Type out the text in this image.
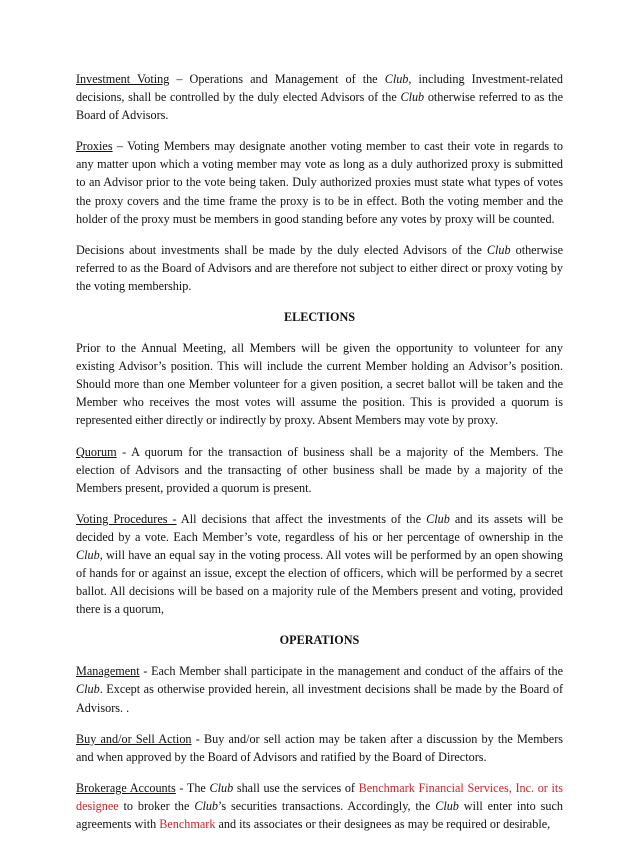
Investment Voting – Operations and Management of the Club, including Investment-related decisions, shall be controlled by the duly elected Advisors of the Club otherwise referred to as the Board of Advisors.

Proxies – Voting Members may designate another voting member to cast their vote in regards to any matter upon which a voting member may vote as long as a duly authorized proxy is submitted to an Advisor prior to the vote being taken. Duly authorized proxies must state what types of votes the proxy covers and the time frame the proxy is to be in effect. Both the voting member and the holder of the proxy must be members in good standing before any votes by proxy will be counted.

Decisions about investments shall be made by the duly elected Advisors of the Club otherwise referred to as the Board of Advisors and are therefore not subject to either direct or proxy voting by the voting membership.

ELECTIONS

Prior to the Annual Meeting, all Members will be given the opportunity to volunteer for any existing Advisor’s position. This will include the current Member holding an Advisor’s position. Should more than one Member volunteer for a given position, a secret ballot will be taken and the Member who receives the most votes will assume the position. This is provided a quorum is represented either directly or indirectly by proxy. Absent Members may vote by proxy.

Quorum - A quorum for the transaction of business shall be a majority of the Members. The election of Advisors and the transacting of other business shall be made by a majority of the Members present, provided a quorum is present.

Voting Procedures - All decisions that affect the investments of the Club and its assets will be decided by a vote. Each Member’s vote, regardless of his or her percentage of ownership in the Club, will have an equal say in the voting process. All votes will be performed by an open showing of hands for or against an issue, except the election of officers, which will be performed by a secret ballot. All decisions will be based on a majority rule of the Members present and voting, provided there is a quorum,

OPERATIONS

Management - Each Member shall participate in the management and conduct of the affairs of the Club. Except as otherwise provided herein, all investment decisions shall be made by the Board of Advisors. .

Buy and/or Sell Action - Buy and/or sell action may be taken after a discussion by the Members and when approved by the Board of Advisors and ratified by the Board of Directors.

Brokerage Accounts - The Club shall use the services of Benchmark Financial Services, Inc. or its designee to broker the Club’s securities transactions. Accordingly, the Club will enter into such agreements with Benchmark and its associates or their designees as may be required or desirable,
